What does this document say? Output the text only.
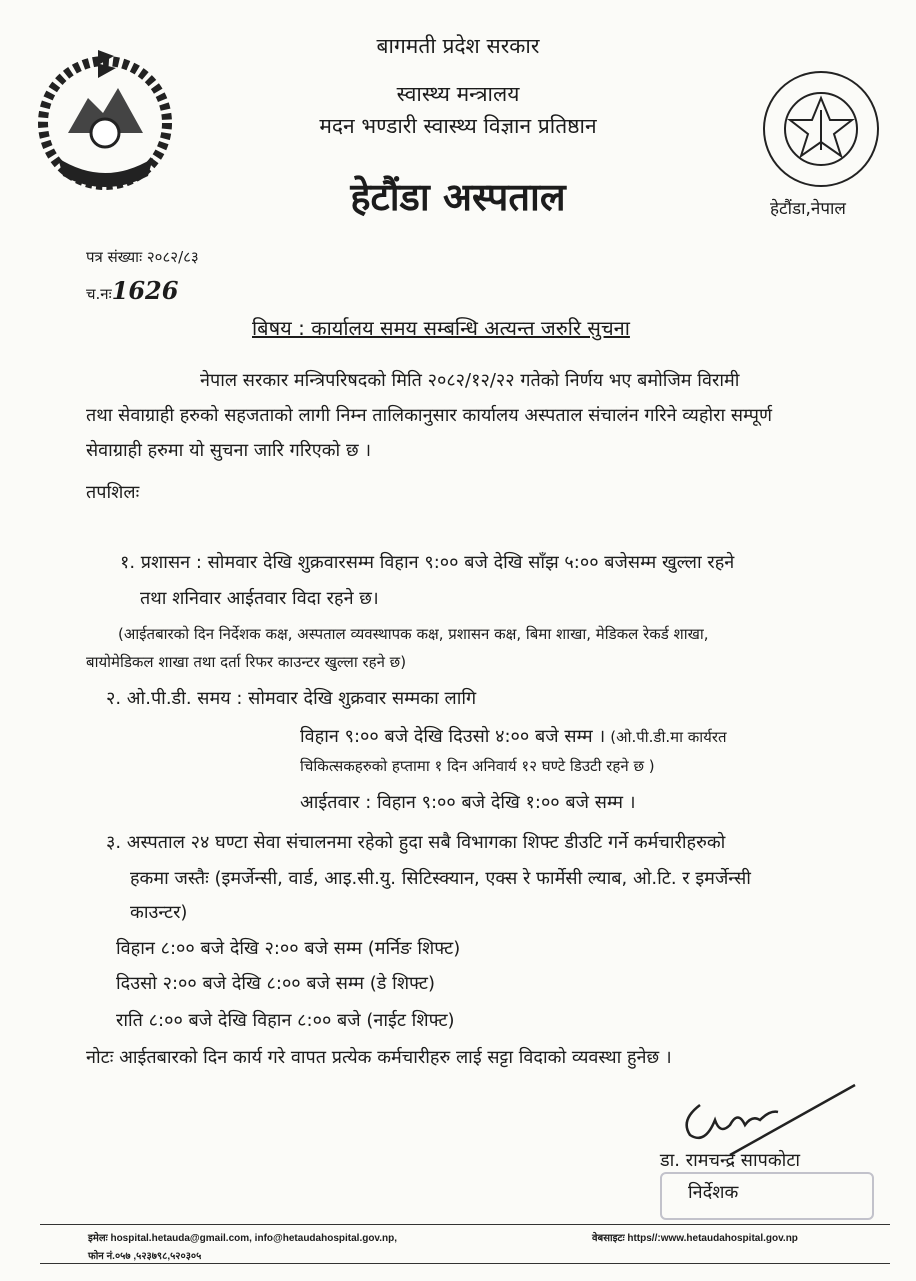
बागमती प्रदेश सरकार
स्वास्थ्य मन्त्रालय
मदन भण्डारी स्वास्थ्य विज्ञान प्रतिष्ठान
हेटौंडा अस्पताल	हेटौंडा,नेपाल
पत्र संख्याः २०८२/८३
च.नः1626
बिषय : कार्यालय समय सम्बन्धि अत्यन्त जरुरि सुचना
नेपाल सरकार मन्त्रिपरिषदको मिति २०८२/१२/२२ गतेको निर्णय भए बमोजिम विरामी
तथा सेवाग्राही हरुको सहजताको लागी निम्न तालिकानुसार कार्यालय अस्पताल संचालंन गरिने व्यहोरा सम्पूर्ण
सेवाग्राही हरुमा यो सुचना जारि गरिएको छ ।
तपशिलः
१. प्रशासन : सोमवार देखि शुक्रवारसम्म विहान ९:०० बजे देखि साँझ ५:०० बजेसम्म खुल्ला रहने
तथा शनिवार आईतवार विदा रहने छ।
(आईतबारको दिन निर्देशक कक्ष, अस्पताल व्यवस्थापक कक्ष, प्रशासन कक्ष, बिमा शाखा, मेडिकल रेकर्ड शाखा,
बायोमेडिकल शाखा तथा दर्ता रिफर काउन्टर खुल्ला रहने छ)
२. ओ.पी.डी. समय : सोमवार देखि शुक्रवार सम्मका लागि
विहान ९:०० बजे देखि दिउसो ४:०० बजे सम्म । (ओ.पी.डी.मा कार्यरत
चिकित्सकहरुको हप्तामा १ दिन अनिवार्य १२ घण्टे डिउटी रहने छ )
आईतवार : विहान ९:०० बजे देखि १:०० बजे सम्म ।
३. अस्पताल २४ घण्टा सेवा संचालनमा रहेको हुदा सबै विभागका शिफ्ट डीउटि गर्ने कर्मचारीहरुको
हकमा जस्तैः (इमर्जेन्सी, वार्ड, आइ.सी.यु. सिटिस्क्यान, एक्स रे फार्मेसी ल्याब, ओ.टि. र इमर्जेन्सी
काउन्टर)
विहान ८:०० बजे देखि २:०० बजे सम्म (मर्निङ शिफ्ट)
दिउसो २:०० बजे देखि ८:०० बजे सम्म (डे शिफ्ट)
राति ८:०० बजे देखि विहान ८:०० बजे (नाईट शिफ्ट)
नोटः आईतबारको दिन कार्य गरे वापत प्रत्येक कर्मचारीहरु लाई सट्टा विदाको व्यवस्था हुनेछ ।
डा. रामचन्द्र सापकोटा
निर्देशक
इमेलः hospital.hetauda@gmail.com, info@hetaudahospital.gov.np,
फोन नं.०५७ ,५२३७९८,५२०३०५
वेबसाइटः https//:www.hetaudahospital.gov.np
